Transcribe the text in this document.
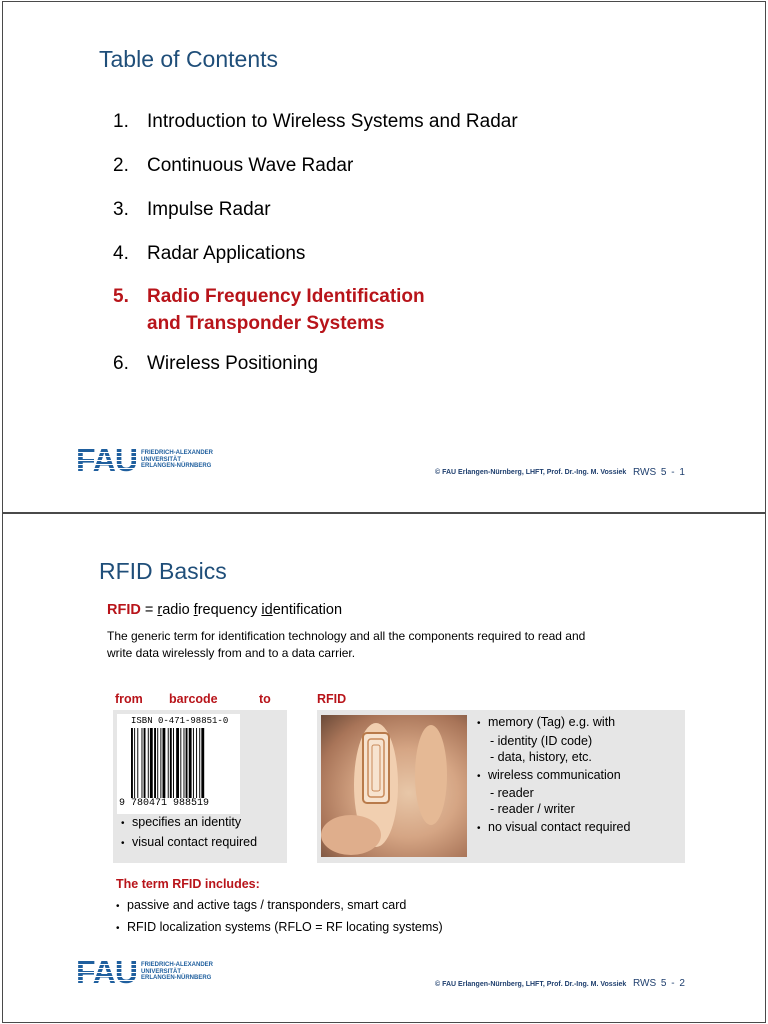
Table of Contents
1. Introduction to Wireless Systems and Radar
2. Continuous Wave Radar
3. Impulse Radar
4. Radar Applications
5. Radio Frequency Identification
and Transponder Systems
6. Wireless Positioning
FAU FRIEDRICH-ALEXANDER
UNIVERSITÄT
ERLANGEN-NÜRNBERG
© FAU Erlangen-Nürnberg, LHFT, Prof. Dr.-Ing. M. Vossiek RWS 5 - 1
RFID Basics
RFID = radio frequency identification
The generic term for identification technology and all the components required to read and write data wirelessly from and to a data carrier.
from barcode	to	RFID
ISBN 0-471-98851-0
9 780471 988519
• specifies an identity
• visual contact required
• memory (Tag) e.g. with
- identity (ID code)
- data, history, etc.
• wireless communication
- reader
- reader / writer
• no visual contact required
The term RFID includes:
• passive and active tags / transponders, smart card
• RFID localization systems (RFLO = RF locating systems)
FAU FRIEDRICH-ALEXANDER
UNIVERSITÄT
ERLANGEN-NÜRNBERG
© FAU Erlangen-Nürnberg, LHFT, Prof. Dr.-Ing. M. Vossiek RWS 5 - 2
